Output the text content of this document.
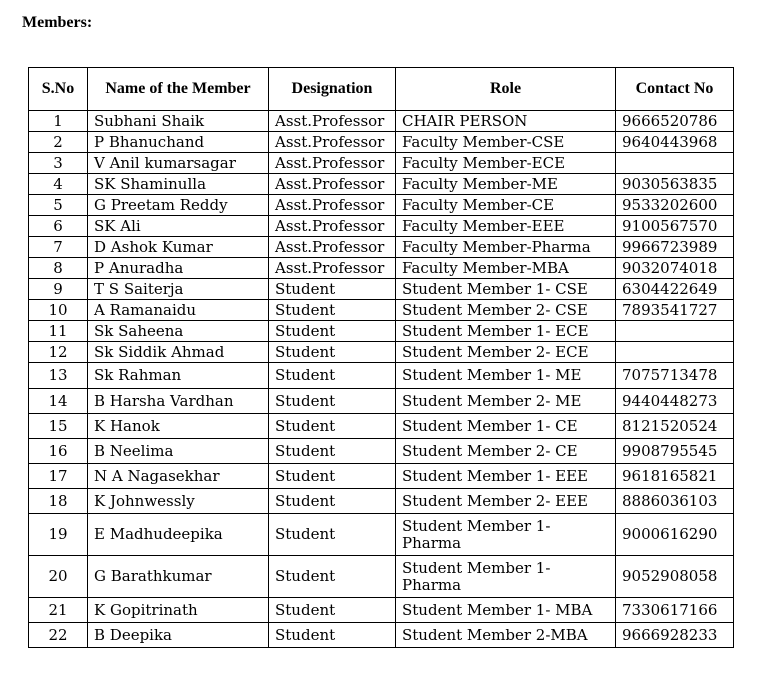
Members:
S.No	Name of the Member	Designation	Role	Contact No
1	Subhani Shaik	Asst.Professor	CHAIR PERSON	9666520786
2	P Bhanuchand	Asst.Professor	Faculty Member-CSE	9640443968
3	V Anil kumarsagar	Asst.Professor	Faculty Member-ECE	
4	SK Shaminulla	Asst.Professor	Faculty Member-ME	9030563835
5	G Preetam Reddy	Asst.Professor	Faculty Member-CE	9533202600
6	SK Ali	Asst.Professor	Faculty Member-EEE	9100567570
7	D Ashok Kumar	Asst.Professor	Faculty Member-Pharma	9966723989
8	P Anuradha	Asst.Professor	Faculty Member-MBA	9032074018
9	T S Saiterja	Student	Student Member 1- CSE	6304422649
10	A Ramanaidu	Student	Student Member 2- CSE	7893541727
11	Sk Saheena	Student	Student Member 1- ECE	
12	Sk Siddik Ahmad	Student	Student Member 2- ECE	
13	Sk Rahman	Student	Student Member 1- ME	7075713478
14	B Harsha Vardhan	Student	Student Member 2- ME	9440448273
15	K Hanok	Student	Student Member 1- CE	8121520524
16	B Neelima	Student	Student Member 2- CE	9908795545
17	N A Nagasekhar	Student	Student Member 1- EEE	9618165821
18	K Johnwessly	Student	Student Member 2- EEE	8886036103
19	E Madhudeepika	Student	Student Member 1- Pharma	9000616290
20	G Barathkumar	Student	Student Member 1- Pharma	9052908058
21	K Gopitrinath	Student	Student Member 1- MBA	7330617166
22	B Deepika	Student	Student Member 2-MBA	9666928233
